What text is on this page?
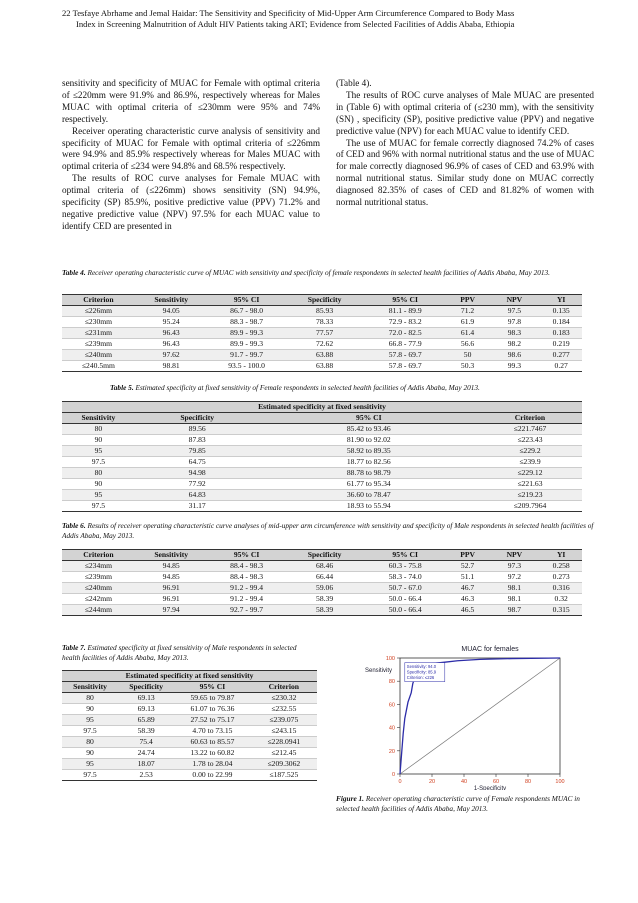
22 Tesfaye Abrhame and Jemal Haidar: The Sensitivity and Specificity of Mid-Upper Arm Circumference Compared to Body Mass
Index in Screening Malnutrition of Adult HIV Patients taking ART; Evidence from Selected Facilities of Addis Ababa, Ethiopia

sensitivity and specificity of MUAC for Female with optimal criteria of ≤220mm were 91.9% and 86.9%, respectively whereas for Males MUAC with optimal criteria of ≤230mm were 95% and 74% respectively.

Receiver operating characteristic curve analysis of sensitivity and specificity of MUAC for Female with optimal criteria of ≤226mm were 94.9% and 85.9% respectively whereas for Males MUAC with optimal criteria of ≤234 were 94.8% and 68.5% respectively.

The results of ROC curve analyses for Female MUAC with optimal criteria of (≤226mm) shows sensitivity (SN) 94.9%, specificity (SP) 85.9%, positive predictive value (PPV) 71.2% and negative predictive value (NPV) 97.5% for each MUAC value to identify CED are presented in

(Table 4).

The results of ROC curve analyses of Male MUAC are presented in (Table 6) with optimal criteria of (≤230 mm), with the sensitivity (SN) , specificity (SP), positive predictive value (PPV) and negative predictive value (NPV) for each MUAC value to identify CED.

The use of MUAC for female correctly diagnosed 74.2% of cases of CED and 96% with normal nutritional status and the use of MUAC for male correctly diagnosed 96.9% of cases of CED and 63.9% with normal nutritional status. Similar study done on MUAC correctly diagnosed 82.35% of cases of CED and 81.82% of women with normal nutritional status.

Table 4. Receiver operating characteristic curve of MUAC with sensitivity and specificity of female respondents in selected health facilities of Addis Ababa, May 2013.
Criterion	Sensitivity	95% CI	Specificity	95% CI	PPV	NPV	YI
≤226mm	94.05	86.7 - 98.0	85.93	81.1 - 89.9	71.2	97.5	0.135
≤230mm	95.24	88.3 - 98.7	78.33	72.9 - 83.2	61.9	97.8	0.184
≤231mm	96.43	89.9 - 99.3	77.57	72.0 - 82.5	61.4	98.3	0.183
≤239mm	96.43	89.9 - 99.3	72.62	66.8 - 77.9	56.6	98.2	0.219
≤240mm	97.62	91.7 - 99.7	63.88	57.8 - 69.7	50	98.6	0.277
≤240.5mm	98.81	93.5 - 100.0	63.88	57.8 - 69.7	50.3	99.3	0.27
Table 5. Estimated specificity at fixed sensitivity of Female respondents in selected health facilities of Addis Ababa, May 2013.
Estimated specificity at fixed sensitivity			
Sensitivity	Specificity	95% CI	Criterion
80	89.56	85.42 to 93.46	≤221.7467
90	87.83	81.90 to 92.02	≤223.43
95	79.85	58.92 to 89.35	≤229.2
97.5	64.75	18.77 to 82.56	≤239.9
80	94.98	88.78 to 98.79	≤229.12
90	77.92	61.77 to 95.34	≤221.63
95	64.83	36.60 to 78.47	≤219.23
97.5	31.17	18.93 to 55.94	≤209.7964
Table 6. Results of receiver operating characteristic curve analyses of mid-upper arm circumference with sensitivity and specificity of Male respondents in selected health facilities of Addis Ababa, May 2013.
Criterion	Sensitivity	95% CI	Specificity	95% CI	PPV	NPV	YI
≤234mm	94.85	88.4 - 98.3	68.46	60.3 - 75.8	52.7	97.3	0.258
≤239mm	94.85	88.4 - 98.3	66.44	58.3 - 74.0	51.1	97.2	0.273
≤240mm	96.91	91.2 - 99.4	59.06	50.7 - 67.0	46.7	98.1	0.316
≤242mm	96.91	91.2 - 99.4	58.39	50.0 - 66.4	46.3	98.1	0.32
≤244mm	97.94	92.7 - 99.7	58.39	50.0 - 66.4	46.5	98.7	0.315
Table 7. Estimated specificity at fixed sensitivity of Male respondents in selected health facilities of Addis Ababa, May 2013.
Estimated specificity at fixed sensitivity			
Sensitivity	Specificity	95% CI	Criterion
80	69.13	59.65 to 79.87	≤230.32
90	69.13	61.07 to 76.36	≤232.55
95	65.89	27.52 to 75.17	≤239.075
97.5	58.39	4.70 to 73.15	≤243.15
80	75.4	60.63 to 85.57	≤228.0941
90	24.74	13.22 to 60.82	≤212.45
95	18.07	1.78 to 28.04	≤209.3062
97.5	2.53	0.00 to 22.99	≤187.525
MUAC for females
0
20
40
60
80
100
0	20	40	60	80	100
Sensitivity
1-Specificity
Sensitivity: 94.0
Specificity: 85.9
Criterion: ≤226
Figure 1. Receiver operating characteristic curve of Female respondents MUAC in selected health facilities of Addis Ababa, May 2013.
